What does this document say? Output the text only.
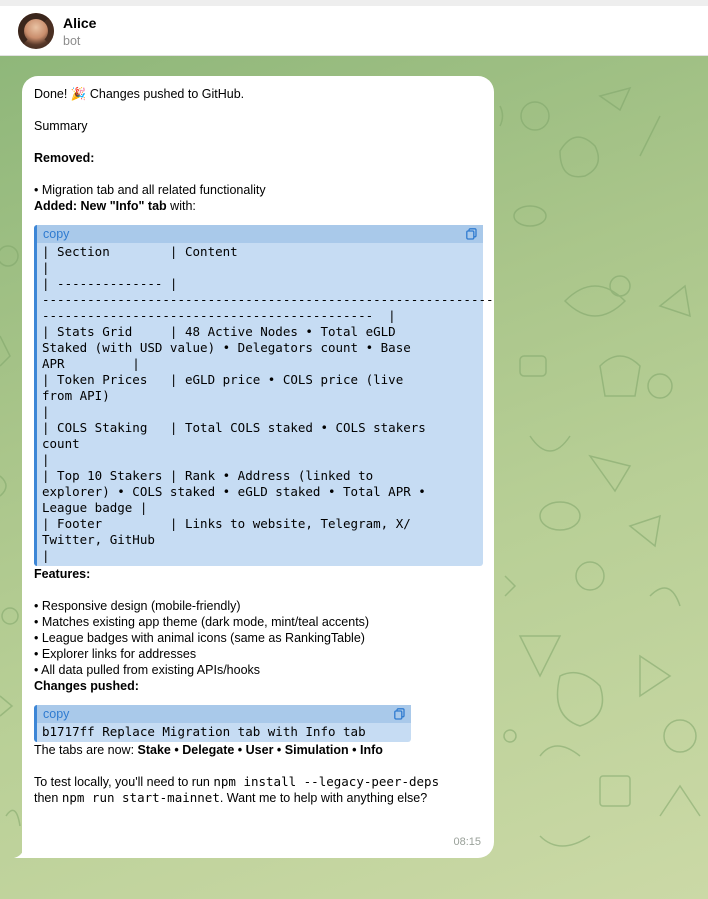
Alice
bot
Done! 🎉 Changes pushed to GitHub.
Summary
Removed:
• Migration tab and all related functionality
Added: New "Info" tab with:
copy
| Section        | Content
|
| -------------- |
------------------------------------------------------------
--------------------------------------------  |
| Stats Grid     | 48 Active Nodes • Total eGLD
Staked (with USD value) • Delegators count • Base
APR         |
| Token Prices   | eGLD price • COLS price (live
from API)
|
| COLS Staking   | Total COLS staked • COLS stakers
count
|
| Top 10 Stakers | Rank • Address (linked to
explorer) • COLS staked • eGLD staked • Total APR •
League badge |
| Footer         | Links to website, Telegram, X/
Twitter, GitHub
|
Features:
• Responsive design (mobile-friendly)
• Matches existing app theme (dark mode, mint/teal accents)
• League badges with animal icons (same as RankingTable)
• Explorer links for addresses
• All data pulled from existing APIs/hooks
Changes pushed:
copy
b1717ff Replace Migration tab with Info tab
The tabs are now: Stake • Delegate • User • Simulation • Info
To test locally, you'll need to run npm install --legacy-peer-deps
then npm run start-mainnet. Want me to help with anything else?
08:15
